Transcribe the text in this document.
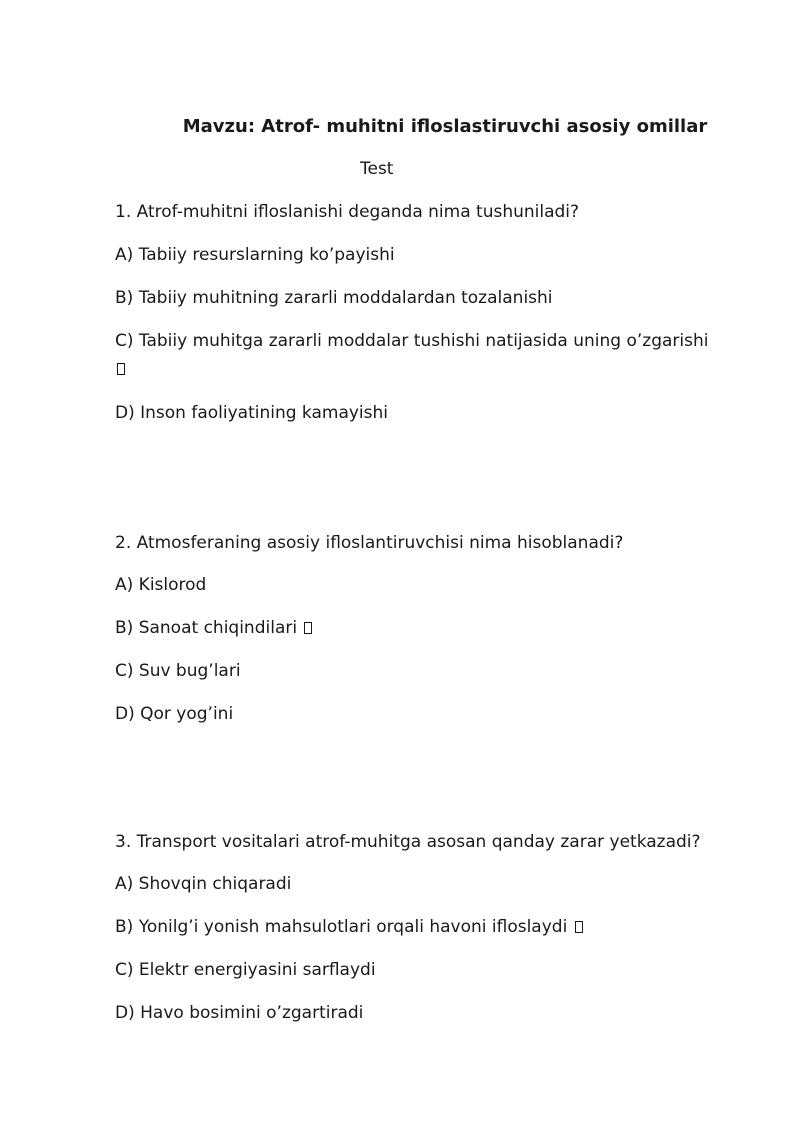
Mavzu: Atrof- muhitni ifloslastiruvchi asosiy omillar
Test
1. Atrof-muhitni ifloslanishi deganda nima tushuniladi?
A) Tabiiy resurslarning ko’payishi
B) Tabiiy muhitning zararli moddalardan tozalanishi
C) Tabiiy muhitga zararli moddalar tushishi natijasida uning o’zgarishi
D) Inson faoliyatining kamayishi
2. Atmosferaning asosiy ifloslantiruvchisi nima hisoblanadi?
A) Kislorod
B) Sanoat chiqindilari
C) Suv bug’lari
D) Qor yog’ini
3. Transport vositalari atrof-muhitga asosan qanday zarar yetkazadi?
A) Shovqin chiqaradi
B) Yonilg’i yonish mahsulotlari orqali havoni ifloslaydi
C) Elektr energiyasini sarflaydi
D) Havo bosimini o’zgartiradi
